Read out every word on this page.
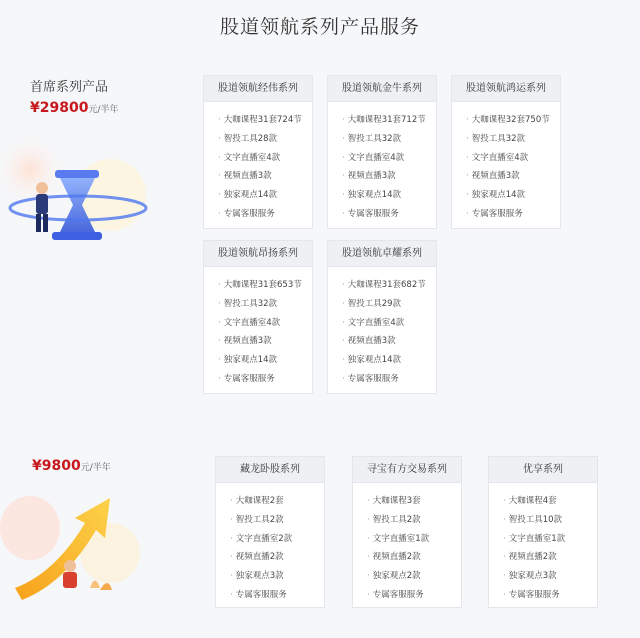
股道领航系列产品服务
首席系列产品
¥29800元/半年
股道领航经伟系列
· 大咖课程31套724节
· 智投工具28款
· 文字直播室4款
· 视频直播3款
· 独家观点14款
· 专属客服服务
股道领航金牛系列
· 大咖课程31套712节
· 智投工具32款
· 文字直播室4款
· 视频直播3款
· 独家观点14款
· 专属客服服务
股道领航鸿运系列
· 大咖课程32套750节
· 智投工具32款
· 文字直播室4款
· 视频直播3款
· 独家观点14款
· 专属客服服务
股道领航昂扬系列
· 大咖课程31套653节
· 智投工具32款
· 文字直播室4款
· 视频直播3款
· 独家观点14款
· 专属客服服务
股道领航卓耀系列
· 大咖课程31套682节
· 智投工具29款
· 文字直播室4款
· 视频直播3款
· 独家观点14款
· 专属客服服务
¥9800元/半年	藏龙卧股系列
· 大咖课程2套
· 智投工具2款
· 文字直播室2款
· 视频直播2款
· 独家观点3款
· 专属客服服务
寻宝有方交易系列
· 大咖课程3套
· 智投工具2款
· 文字直播室1款
· 视频直播2款
· 独家观点2款
· 专属客服服务
优享系列
· 大咖课程4套
· 智投工具10款
· 文字直播室1款
· 视频直播2款
· 独家观点3款
· 专属客服服务
